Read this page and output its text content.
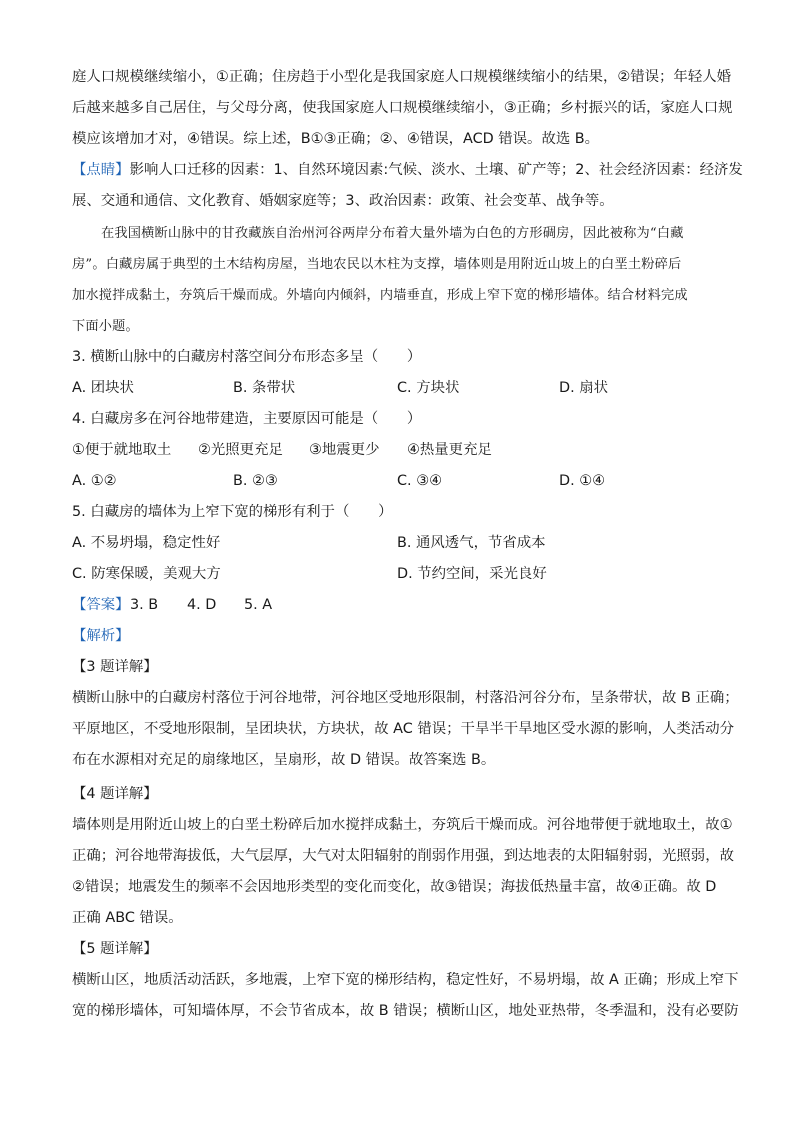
庭人口规模继续缩小，①正确；住房趋于小型化是我国家庭人口规模继续缩小的结果，②错误；年轻人婚
后越来越多自己居住，与父母分离，使我国家庭人口规模继续缩小，③正确；乡村振兴的话，家庭人口规
模应该增加才对，④错误。综上述，B①③正确；②、④错误，ACD 错误。故选 B。
【点睛】影响人口迁移的因素：1、自然环境因素:气候、淡水、土壤、矿产等；2、社会经济因素：经济发
展、交通和通信、文化教育、婚姻家庭等；3、政治因素：政策、社会变革、战争等。
在我国横断山脉中的甘孜藏族自治州河谷两岸分布着大量外墙为白色的方形碉房，因此被称为“白藏
房”。白藏房属于典型的土木结构房屋，当地农民以木柱为支撑，墙体则是用附近山坡上的白垩土粉碎后
加水搅拌成黏土，夯筑后干燥而成。外墙向内倾斜，内墙垂直，形成上窄下宽的梯形墙体。结合材料完成
下面小题。
3. 横断山脉中的白藏房村落空间分布形态多呈（　　）
A. 团块状	B. 条带状	C. 方块状	D. 扇状
4. 白藏房多在河谷地带建造，主要原因可能是（　　）
①便于就地取土 ②光照更充足 ③地震更少 ④热量更充足
A. ①②	B. ②③	C. ③④	D. ①④
5. 白藏房的墙体为上窄下宽的梯形有利于（　　）
A. 不易坍塌，稳定性好	B. 通风透气，节省成本
C. 防寒保暖，美观大方	D. 节约空间，采光良好
【答案】 3. B 4. D 5. A
【解析】
【3 题详解】
横断山脉中的白藏房村落位于河谷地带，河谷地区受地形限制，村落沿河谷分布，呈条带状，故 B 正确；
平原地区，不受地形限制，呈团块状，方块状，故 AC 错误；干旱半干旱地区受水源的影响，人类活动分
布在水源相对充足的扇缘地区，呈扇形，故 D 错误。故答案选 B。
【4 题详解】
墙体则是用附近山坡上的白垩土粉碎后加水搅拌成黏土，夯筑后干燥而成。河谷地带便于就地取土，故①
正确；河谷地带海拔低，大气层厚，大气对太阳辐射的削弱作用强，到达地表的太阳辐射弱，光照弱，故
②错误；地震发生的频率不会因地形类型的变化而变化，故③错误；海拔低热量丰富，故④正确。故 D
正确 ABC 错误。
【5 题详解】
横断山区，地质活动活跃，多地震，上窄下宽的梯形结构，稳定性好，不易坍塌，故 A 正确；形成上窄下
宽的梯形墙体，可知墙体厚，不会节省成本，故 B 错误；横断山区，地处亚热带，冬季温和，没有必要防
